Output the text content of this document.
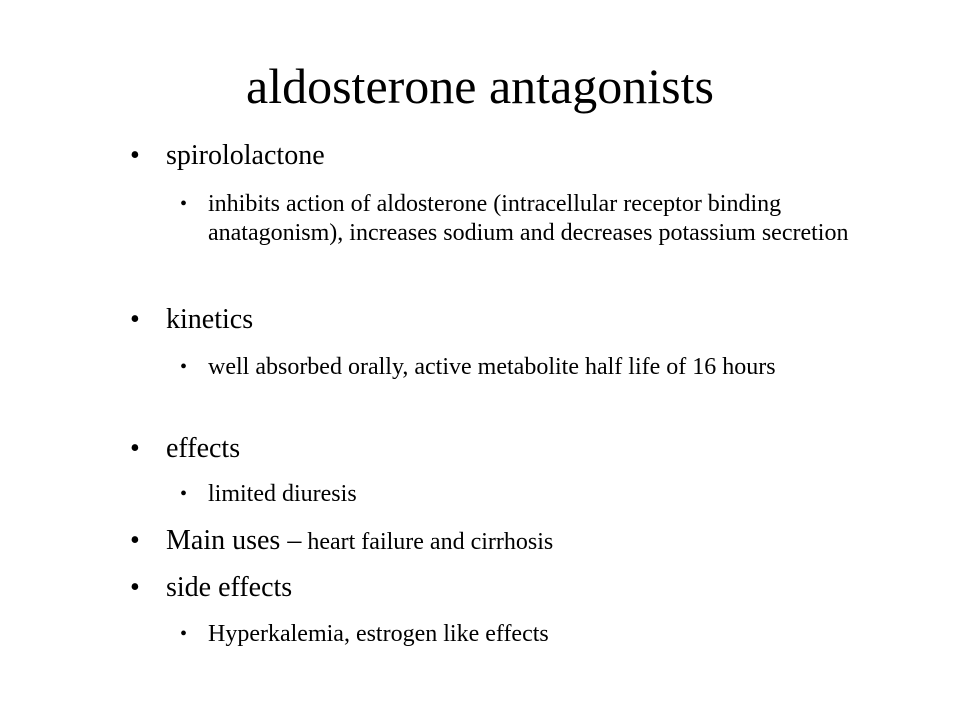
aldosterone antagonists
• spirololactone
• inhibits action of aldosterone (intracellular receptor binding anatagonism), increases sodium and decreases potassium secretion
• kinetics
• well absorbed orally, active metabolite half life of 16 hours
• effects
• limited diuresis
• Main uses – heart failure and cirrhosis
• side effects
• Hyperkalemia, estrogen like effects
